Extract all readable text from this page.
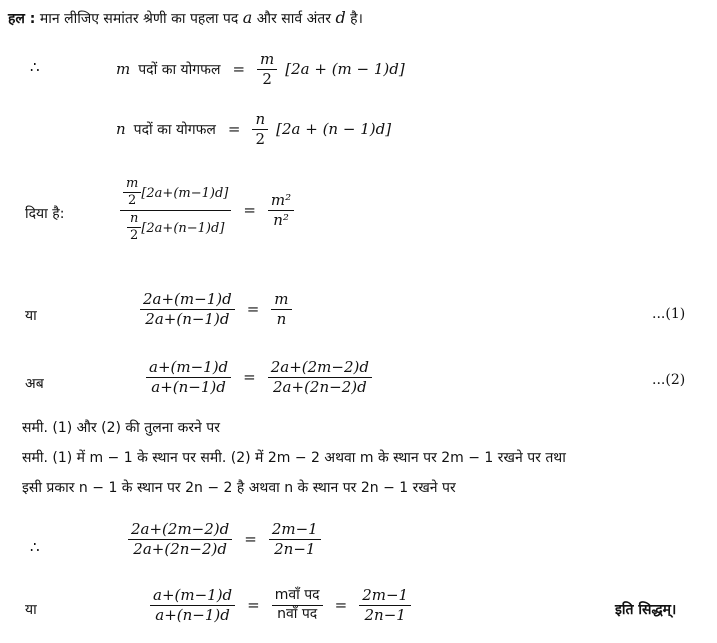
हल : मान लीजिए समांतर श्रेणी का पहला पद a और सार्व अंतर d है।
∴	m पदों का योगफल = $\frac{m}{2} [2a + (m - 1)d]$
n पदों का योगफल = $\frac{n}{2} [2a + (n - 1)d]$
दिया है:	$\frac{\frac{m}{2} [2a+(m-1)d]}{\frac{n}{2} [2a+(n-1)d]} = \frac{\text{m²}}{\text{n²}}$
या	$\frac{2a+(m-1)d}{2a+(n-1)d} = \frac{m}{n}$	...(1)
अब	$\frac{a+(m-1)d}{a+(n-1)d} = \frac{2a+(2m-2)d}{2a+(2n-2)d}$	...(2)
समी. (1) और (2) की तुलना करने पर
समी. (1) में m − 1 के स्थान पर समी. (2) में 2m − 2 अथवा m के स्थान पर 2m − 1 रखने पर तथा
इसी प्रकार n − 1 के स्थान पर 2n − 2 है अथवा n के स्थान पर 2n − 1 रखने पर
∴	$\frac{2a+(2m-2)d}{2a+(2n-2)d} = \frac{2m-1}{2n-1}$
या	$\frac{a+(m-1)d}{a+(n-1)d} = \frac{\text{mवाँ पद}}{\text{nवाँ पद}} = \frac{2m-1}{2n-1}$	इति सिद्धम्।
